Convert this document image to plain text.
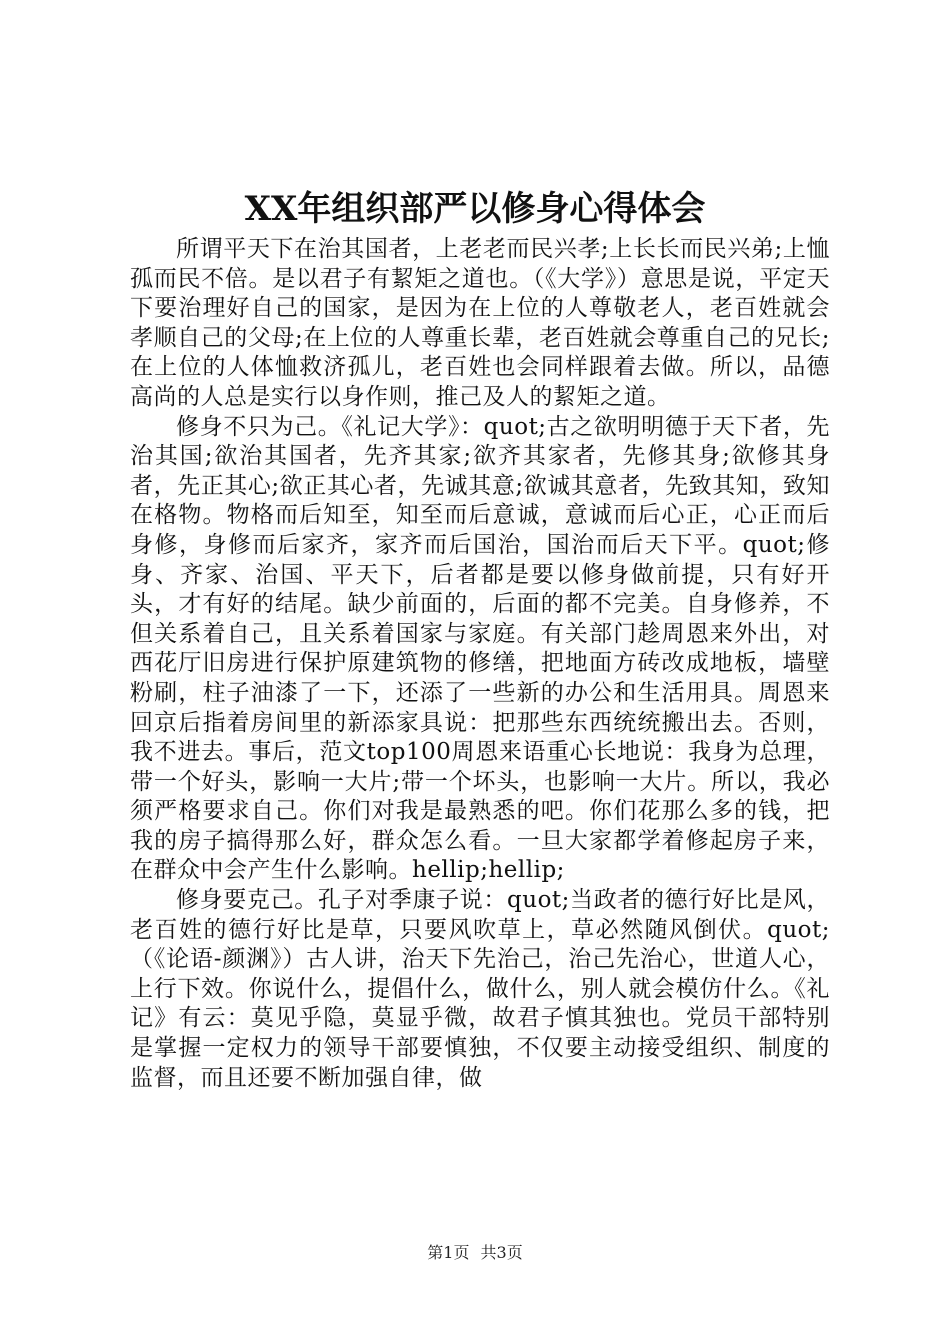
XX年组织部严以修身心得体会

所谓平天下在治其国者，上老老而民兴孝;上长长而民兴弟;上恤孤而民不倍。是以君子有絜矩之道也。（《大学》）意思是说，平定天下要治理好自己的国家，是因为在上位的人尊敬老人，老百姓就会孝顺自己的父母;在上位的人尊重长辈，老百姓就会尊重自己的兄长;在上位的人体恤救济孤儿，老百姓也会同样跟着去做。所以，品德高尚的人总是实行以身作则，推己及人的絜矩之道。

修身不只为己。《礼记大学》：quot;古之欲明明德于天下者，先治其国;欲治其国者，先齐其家;欲齐其家者，先修其身;欲修其身者，先正其心;欲正其心者，先诚其意;欲诚其意者，先致其知，致知在格物。物格而后知至，知至而后意诚，意诚而后心正，心正而后身修，身修而后家齐，家齐而后国治，国治而后天下平。quot;修身、齐家、治国、平天下，后者都是要以修身做前提，只有好开头，才有好的结尾。缺少前面的，后面的都不完美。自身修养，不但关系着自己，且关系着国家与家庭。有关部门趁周恩来外出，对西花厅旧房进行保护原建筑物的修缮，把地面方砖改成地板，墙壁粉刷，柱子油漆了一下，还添了一些新的办公和生活用具。周恩来回京后指着房间里的新添家具说：把那些东西统统搬出去。否则，我不进去。事后，范文top100周恩来语重心长地说：我身为总理，带一个好头，影响一大片;带一个坏头，也影响一大片。所以，我必须严格要求自己。你们对我是最熟悉的吧。你们花那么多的钱，把我的房子搞得那么好，群众怎么看。一旦大家都学着修起房子来，在群众中会产生什么影响。hellip;hellip;

修身要克己。孔子对季康子说：quot;当政者的德行好比是风，老百姓的德行好比是草，只要风吹草上，草必然随风倒伏。quot;（《论语-颜渊》）古人讲，治天下先治己，治己先治心，世道人心，上行下效。你说什么，提倡什么，做什么，别人就会模仿什么。《礼记》有云：莫见乎隐，莫显乎微，故君子慎其独也。党员干部特别是掌握一定权力的领导干部要慎独，不仅要主动接受组织、制度的监督，而且还要不断加强自律，做

第1页 共3页
